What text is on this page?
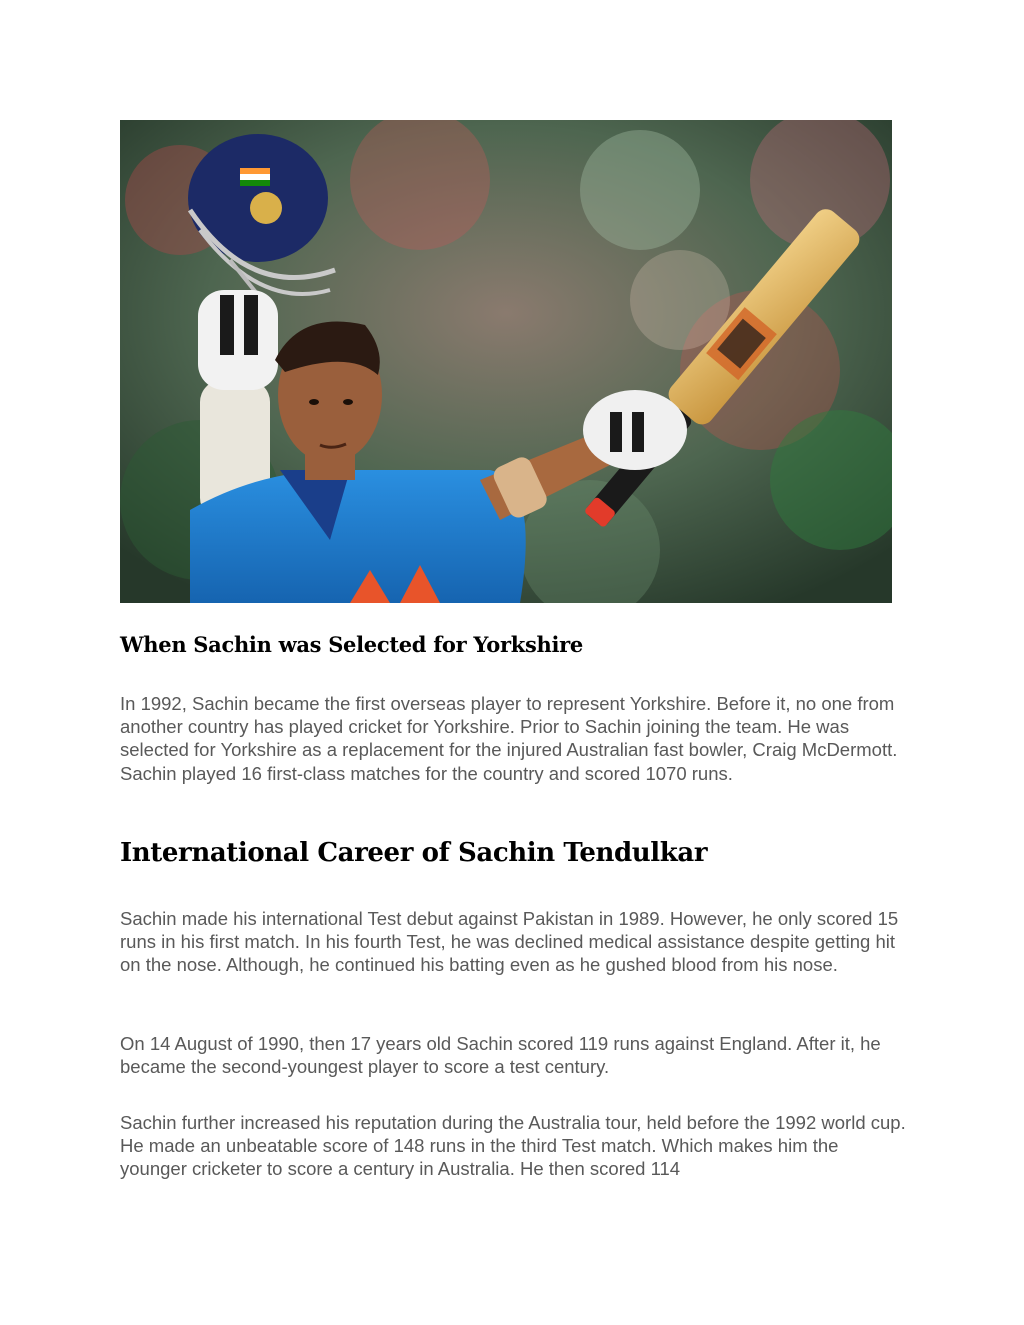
When Sachin was Selected for Yorkshire

In 1992, Sachin became the first overseas player to represent Yorkshire. Before it, no one from another country has played cricket for Yorkshire. Prior to Sachin joining the team. He was selected for Yorkshire as a replacement for the injured Australian fast bowler, Craig McDermott. Sachin played 16 first-class matches for the country and scored 1070 runs.

International Career of Sachin Tendulkar

Sachin made his international Test debut against Pakistan in 1989. However, he only scored 15 runs in his first match. In his fourth Test, he was declined medical assistance despite getting hit on the nose. Although, he continued his batting even as he gushed blood from his nose.

On 14 August of 1990, then 17 years old Sachin scored 119 runs against England. After it, he became the second-youngest player to score a test century.

Sachin further increased his reputation during the Australia tour, held before the 1992 world cup. He made an unbeatable score of 148 runs in the third Test match. Which makes him the younger cricketer to score a century in Australia. He then scored 114
